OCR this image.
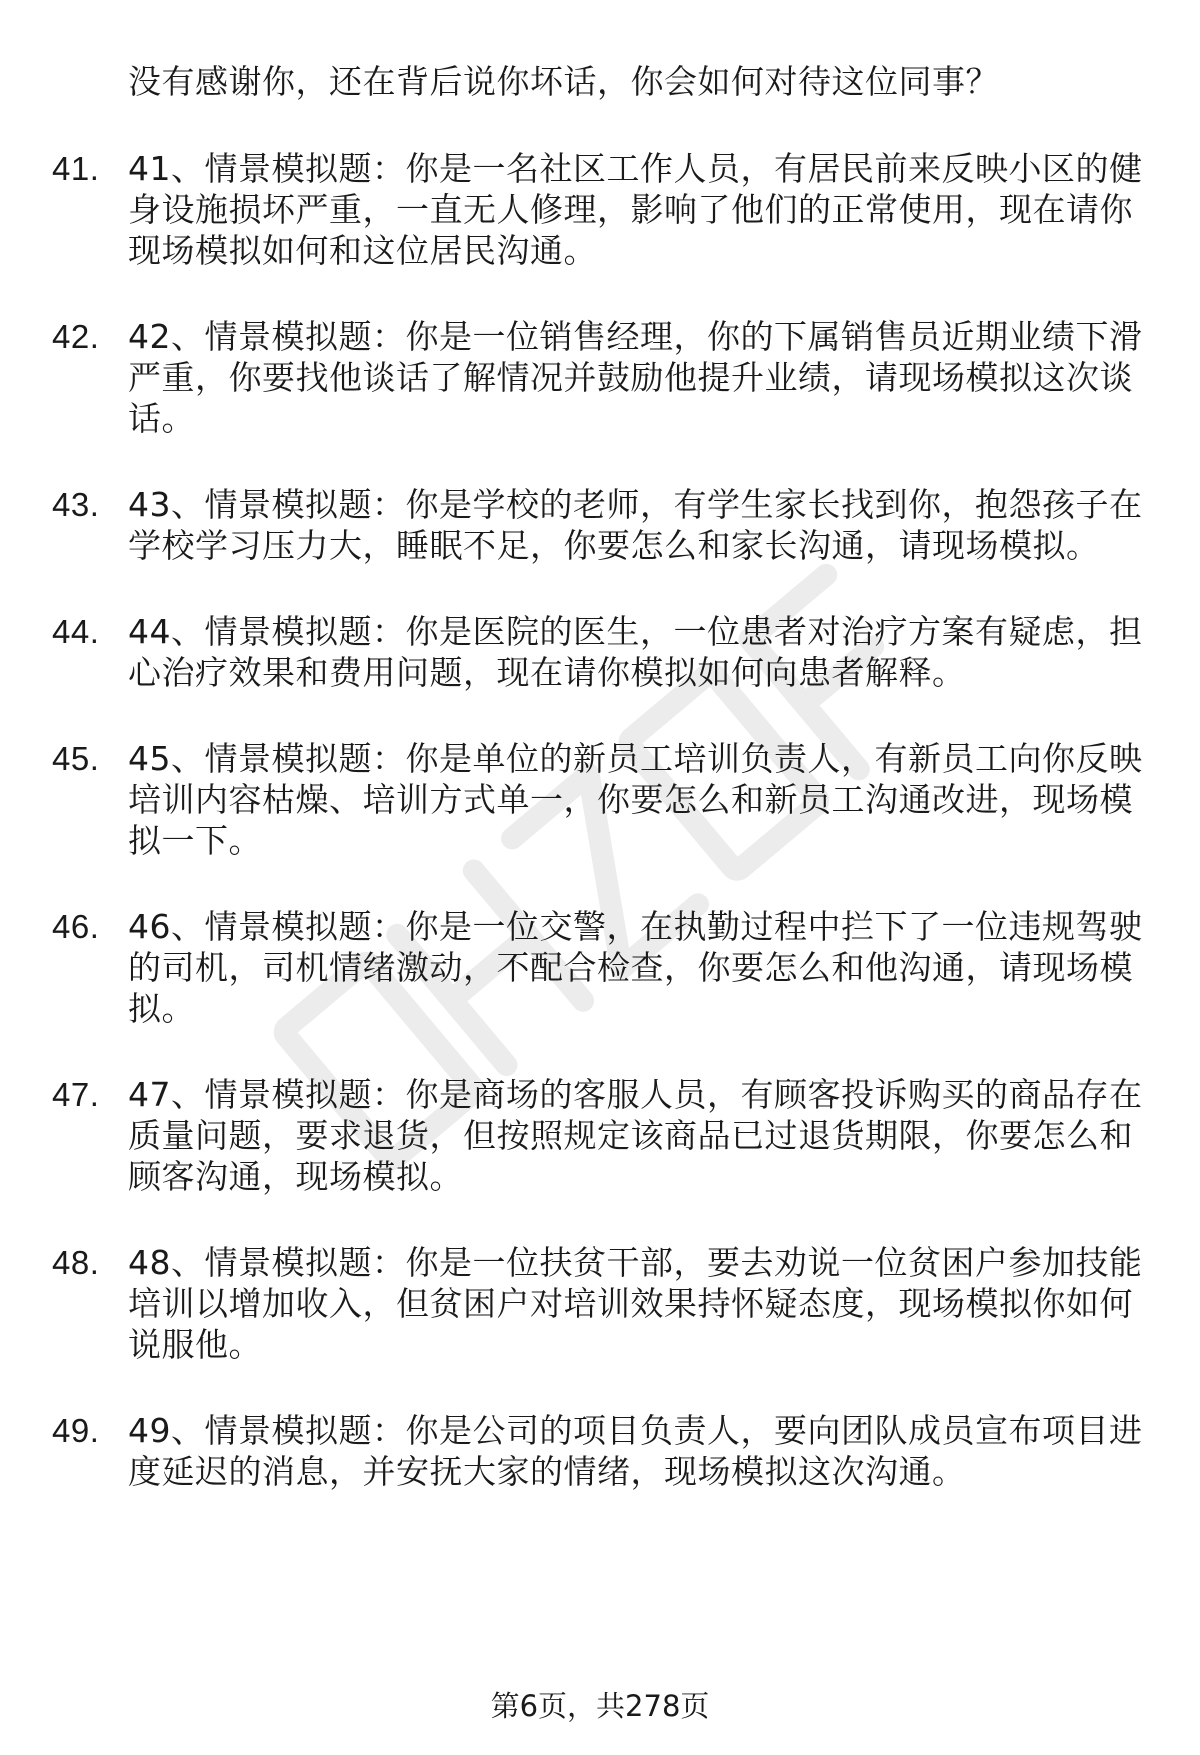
没有感谢你，还在背后说你坏话，你会如何对待这位同事？
41. 41、情景模拟题：你是一名社区工作人员，有居民前来反映小区的健身设施损坏严重，一直无人修理，影响了他们的正常使用，现在请你现场模拟如何和这位居民沟通。
42. 42、情景模拟题：你是一位销售经理，你的下属销售员近期业绩下滑严重，你要找他谈话了解情况并鼓励他提升业绩，请现场模拟这次谈话。
43. 43、情景模拟题：你是学校的老师，有学生家长找到你，抱怨孩子在学校学习压力大，睡眠不足，你要怎么和家长沟通，请现场模拟。
44. 44、情景模拟题：你是医院的医生，一位患者对治疗方案有疑虑，担心治疗效果和费用问题，现在请你模拟如何向患者解释。
45. 45、情景模拟题：你是单位的新员工培训负责人，有新员工向你反映培训内容枯燥、培训方式单一，你要怎么和新员工沟通改进，现场模拟一下。
46. 46、情景模拟题：你是一位交警，在执勤过程中拦下了一位违规驾驶的司机，司机情绪激动，不配合检查，你要怎么和他沟通，请现场模拟。
47. 47、情景模拟题：你是商场的客服人员，有顾客投诉购买的商品存在质量问题，要求退货，但按照规定该商品已过退货期限，你要怎么和顾客沟通，现场模拟。
48. 48、情景模拟题：你是一位扶贫干部，要去劝说一位贫困户参加技能培训以增加收入，但贫困户对培训效果持怀疑态度，现场模拟你如何说服他。
49. 49、情景模拟题：你是公司的项目负责人，要向团队成员宣布项目进度延迟的消息，并安抚大家的情绪，现场模拟这次沟通。
第6页，共278页
